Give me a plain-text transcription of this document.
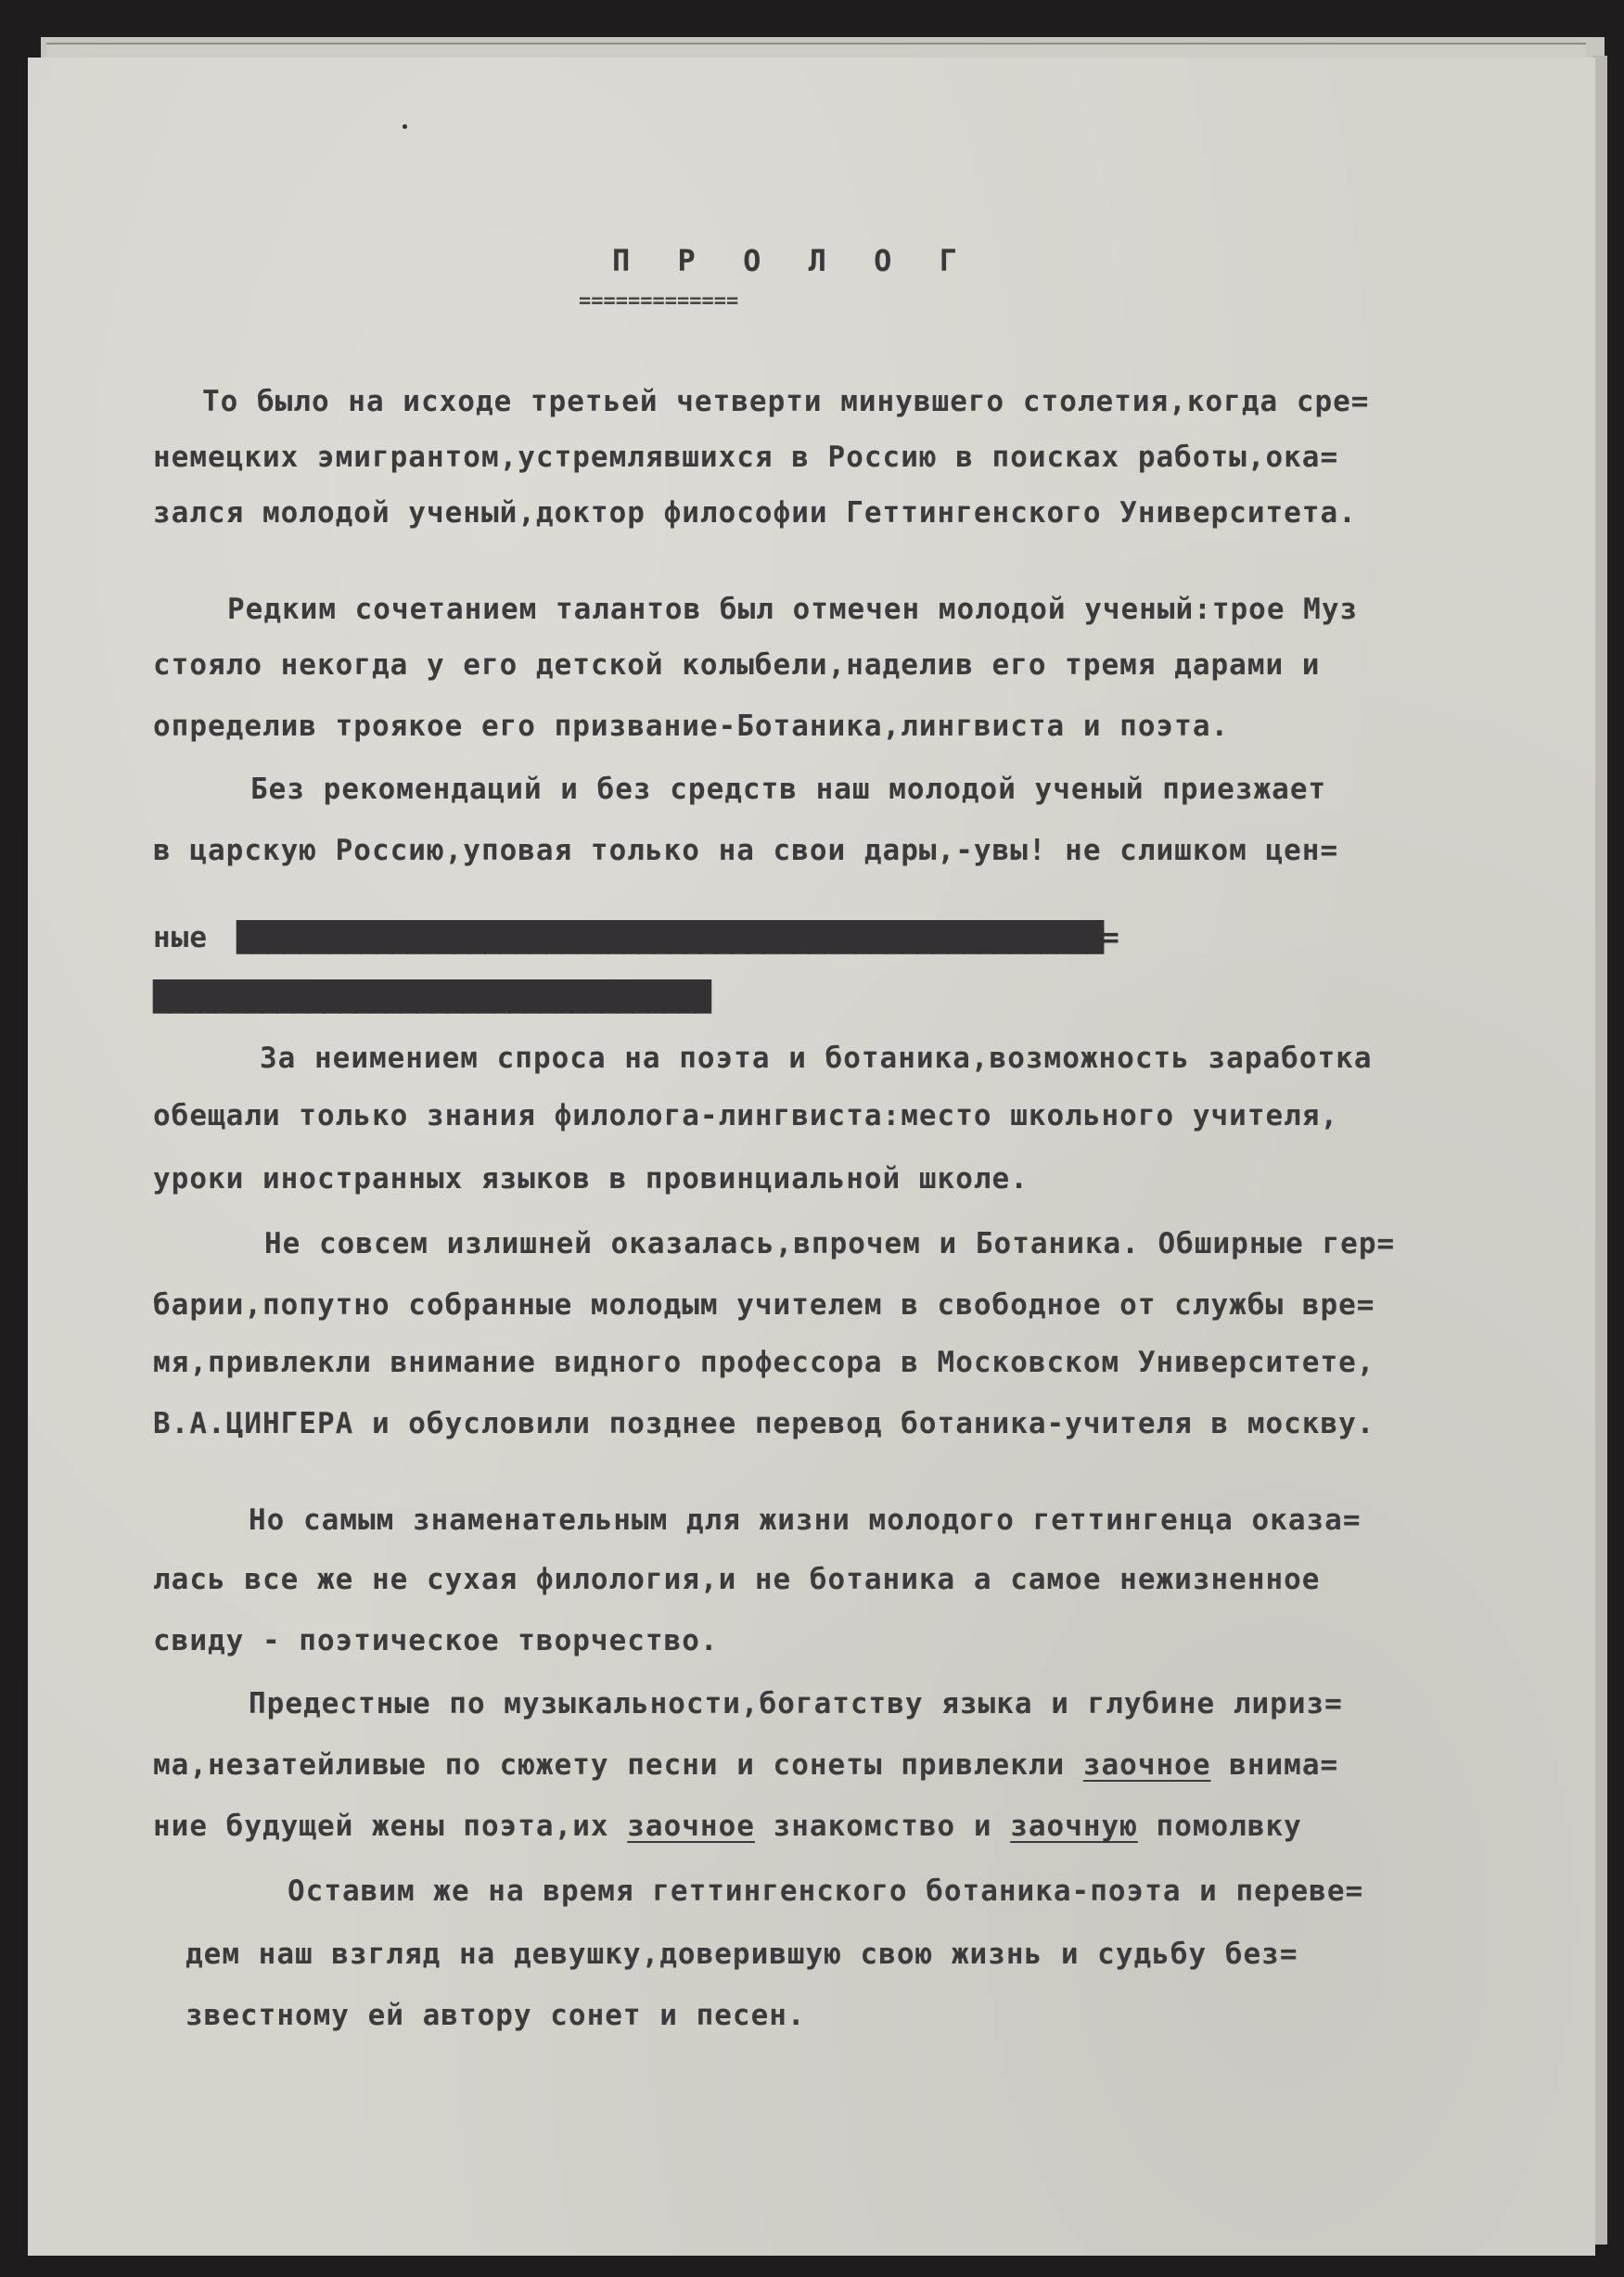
П Р О Л О Г
=============
То было на исходе третьей четверти минувшего столетия,когда сре=
немецких эмигрантом,устремлявшихся в Россию в поисках работы,ока=
зался молодой ученый,доктор философии Геттингенского Университета.
Редким сочетанием талантов был отмечен молодой ученый:трое Муз
стояло некогда у его детской колыбели,наделив его тремя дарами и
определив троякое его призвание-Ботаника,лингвиста и поэта.
Без рекомендаций и без средств наш молодой ученый приезжает
в царскую Россию,уповая только на свои дары,-увы! не слишком цен=
ные ████████████████████████████████████████████████████████=
████████████████████████████████████
За неимением спроса на поэта и ботаника,возможность заработка
обещали только знания филолога-лингвиста:место школьного учителя,
уроки иностранных языков в провинциальной школе.
Не совсем излишней оказалась,впрочем и Ботаника. Обширные гер=
барии,попутно собранные молодым учителем в свободное от службы вре=
мя,привлекли внимание видного профессора в Московском Университете,
В.А.ЦИНГЕРА и обусловили позднее перевод ботаника-учителя в москву.
Но самым знаменательным для жизни молодого геттингенца оказа=
лась все же не сухая филология,и не ботаника а самое нежизненное
свиду - поэтическое творчество.
Предестные по музыкальности,богатству языка и глубине лириз=
ма,незатейливые по сюжету песни и сонеты привлекли заочное внима=
ние будущей жены поэта,их заочное знакомство и заочную помолвку
Оставим же на время геттингенского ботаника-поэта и переве=
дем наш взгляд на девушку,доверившую свою жизнь и судьбу без=
звестному ей автору сонет и песен.
